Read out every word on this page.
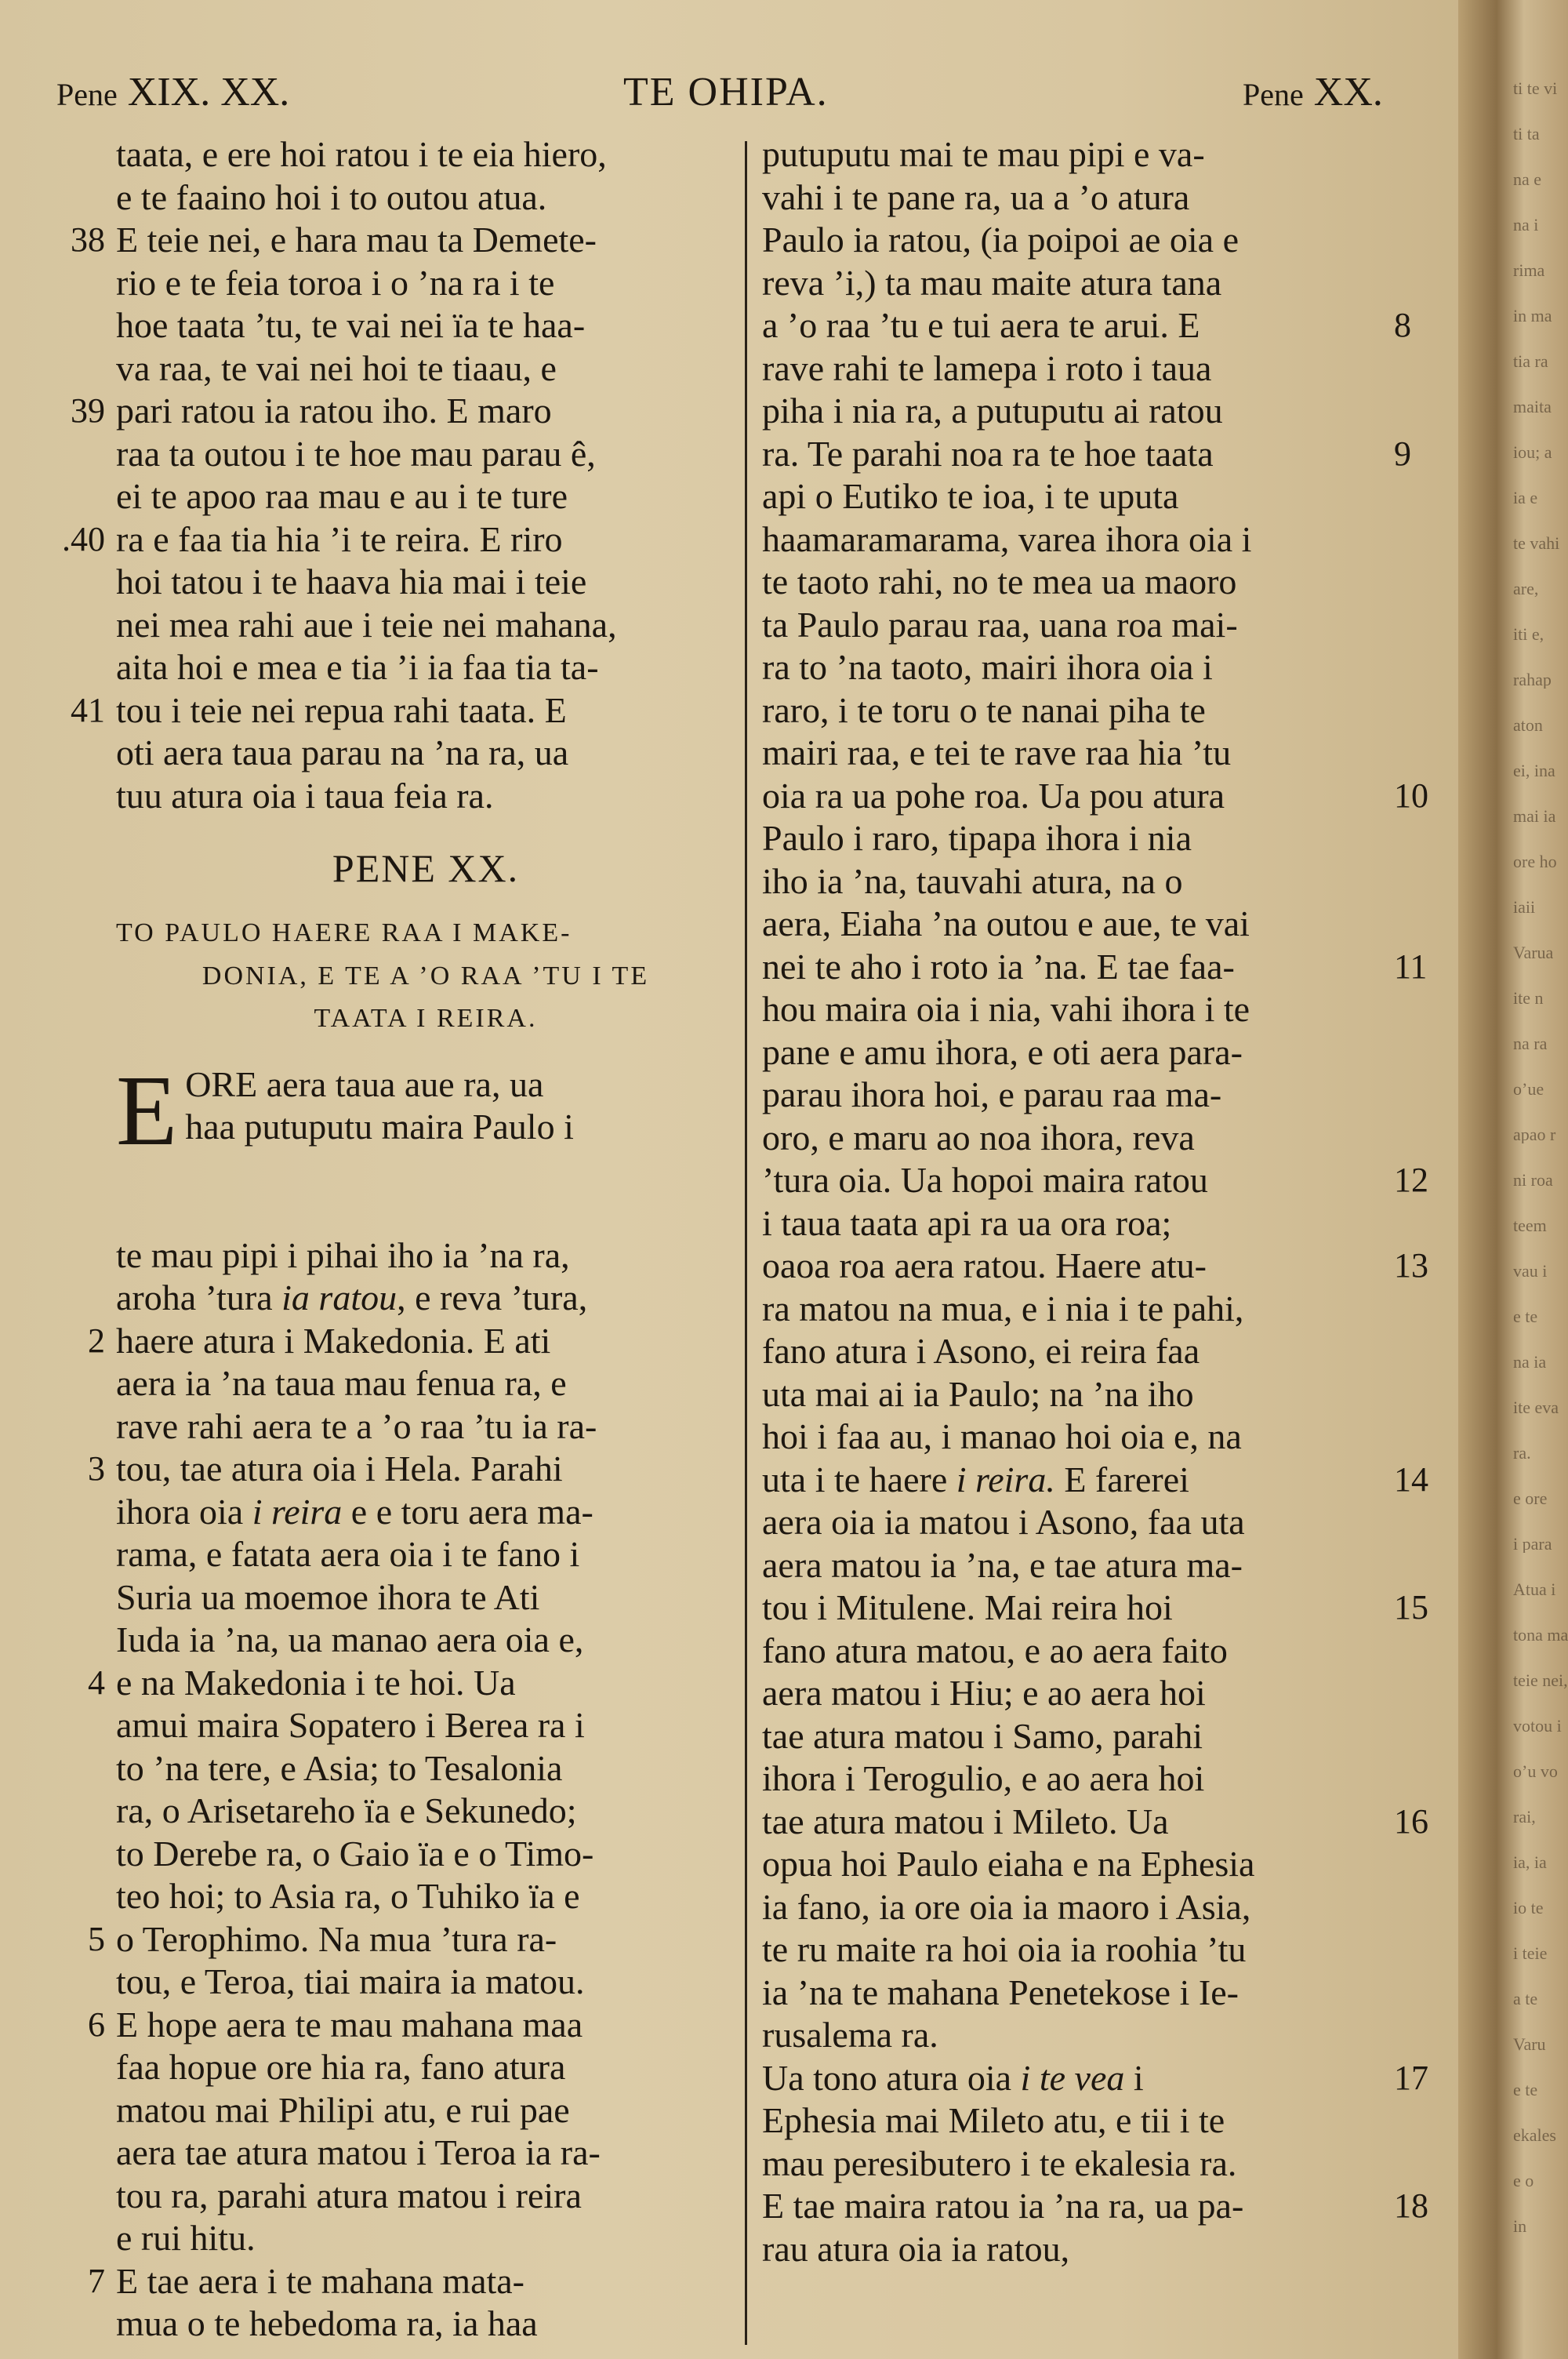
ti te vi
ti ta
na e
na i
rima
in ma
tia ra
maita
iou; a
ia e
te vahi
are,
iti e,
rahap
aton
ei, ina
mai ia
ore ho
iaii
Varua
ite n
na ra
o’ue
apao r
ni roa
teem
vau i
e te
na ia
ite eva
ra.
e ore
i para
Atua i
tona ma
teie nei,
votou i
o’u vo
rai,
ia, ia
io te
i teie
a te
Varu
e te
ekales
e o
in
Pene XIX. XX.	TE OHIPA.	Pene XX.
taata, e ere hoi ratou i te eia hiero,
e te faaino hoi i to outou atua.
E teie nei, e hara mau ta Demete-
rio e te feia toroa i o ’na ra i te
hoe taata ’tu, te vai nei ïa te haa-
va raa, te vai nei hoi te tiaau, e
pari ratou ia ratou iho. E maro
raa ta outou i te hoe mau parau ê,
ei te apoo raa mau e au i te ture
ra e faa tia hia ’i te reira. E riro
hoi tatou i te haava hia mai i teie
nei mea rahi aue i teie nei mahana,
aita hoi e mea e tia ’i ia faa tia ta-
tou i teie nei repua rahi taata. E
oti aera taua parau na ’na ra, ua
tuu atura oia i taua feia ra.
PENE XX.
TO PAULO HAERE RAA I MAKE-
DONIA, E TE A ’O RAA ’TU I TE
TAATA I REIRA.
E ORE aera taua aue ra, ua
haa putuputu maira Paulo i
te mau pipi i pihai iho ia ’na ra,
aroha ’tura ia ratou, e reva ’tura,
haere atura i Makedonia. E ati
aera ia ’na taua mau fenua ra, e
rave rahi aera te a ’o raa ’tu ia ra-
tou, tae atura oia i Hela. Parahi
ihora oia i reira e e toru aera ma-
rama, e fatata aera oia i te fano i
Suria ua moemoe ihora te Ati
Iuda ia ’na, ua manao aera oia e,
e na Makedonia i te hoi. Ua
amui maira Sopatero i Berea ra i
to ’na tere, e Asia; to Tesalonia
ra, o Arisetareho ïa e Sekunedo;
to Derebe ra, o Gaio ïa e o Timo-
teo hoi; to Asia ra, o Tuhiko ïa e
o Terophimo. Na mua ’tura ra-
tou, e Teroa, tiai maira ia matou.
E hope aera te mau mahana maa
faa hopue ore hia ra, fano atura
matou mai Philipi atu, e rui pae
aera tae atura matou i Teroa ia ra-
tou ra, parahi atura matou i reira
e rui hitu.
E tae aera i te mahana mata-
mua o te hebedoma ra, ia haa
putuputu mai te mau pipi e va-
vahi i te pane ra, ua a ’o atura
Paulo ia ratou, (ia poipoi ae oia e
reva ’i,) ta mau maite atura tana
a ’o raa ’tu e tui aera te arui. E
rave rahi te lamepa i roto i taua
piha i nia ra, a putuputu ai ratou
ra. Te parahi noa ra te hoe taata
api o Eutiko te ioa, i te uputa
haamaramarama, varea ihora oia i
te taoto rahi, no te mea ua maoro
ta Paulo parau raa, uana roa mai-
ra to ’na taoto, mairi ihora oia i
raro, i te toru o te nanai piha te
mairi raa, e tei te rave raa hia ’tu
oia ra ua pohe roa. Ua pou atura
Paulo i raro, tipapa ihora i nia
iho ia ’na, tauvahi atura, na o
aera, Eiaha ’na outou e aue, te vai
nei te aho i roto ia ’na. E tae faa-
hou maira oia i nia, vahi ihora i te
pane e amu ihora, e oti aera para-
parau ihora hoi, e parau raa ma-
oro, e maru ao noa ihora, reva
’tura oia. Ua hopoi maira ratou
i taua taata api ra ua ora roa;
oaoa roa aera ratou. Haere atu-
ra matou na mua, e i nia i te pahi,
fano atura i Asono, ei reira faa
uta mai ai ia Paulo; na ’na iho
hoi i faa au, i manao hoi oia e, na
uta i te haere i reira. E farerei
aera oia ia matou i Asono, faa uta
aera matou ia ’na, e tae atura ma-
tou i Mitulene. Mai reira hoi
fano atura matou, e ao aera faito
aera matou i Hiu; e ao aera hoi
tae atura matou i Samo, parahi
ihora i Terogulio, e ao aera hoi
tae atura matou i Mileto. Ua
opua hoi Paulo eiaha e na Ephesia
ia fano, ia ore oia ia maoro i Asia,
te ru maite ra hoi oia ia roohia ’tu
ia ’na te mahana Penetekose i Ie-
rusalema ra.
Ua tono atura oia i te vea i
Ephesia mai Mileto atu, e tii i te
mau peresibutero i te ekalesia ra.
E tae maira ratou ia ’na ra, ua pa-
rau atura oia ia ratou,
38
39
.40
41
2
3
4
5
6
7
8
9
10
11
12
13
14
15
16
17
18
